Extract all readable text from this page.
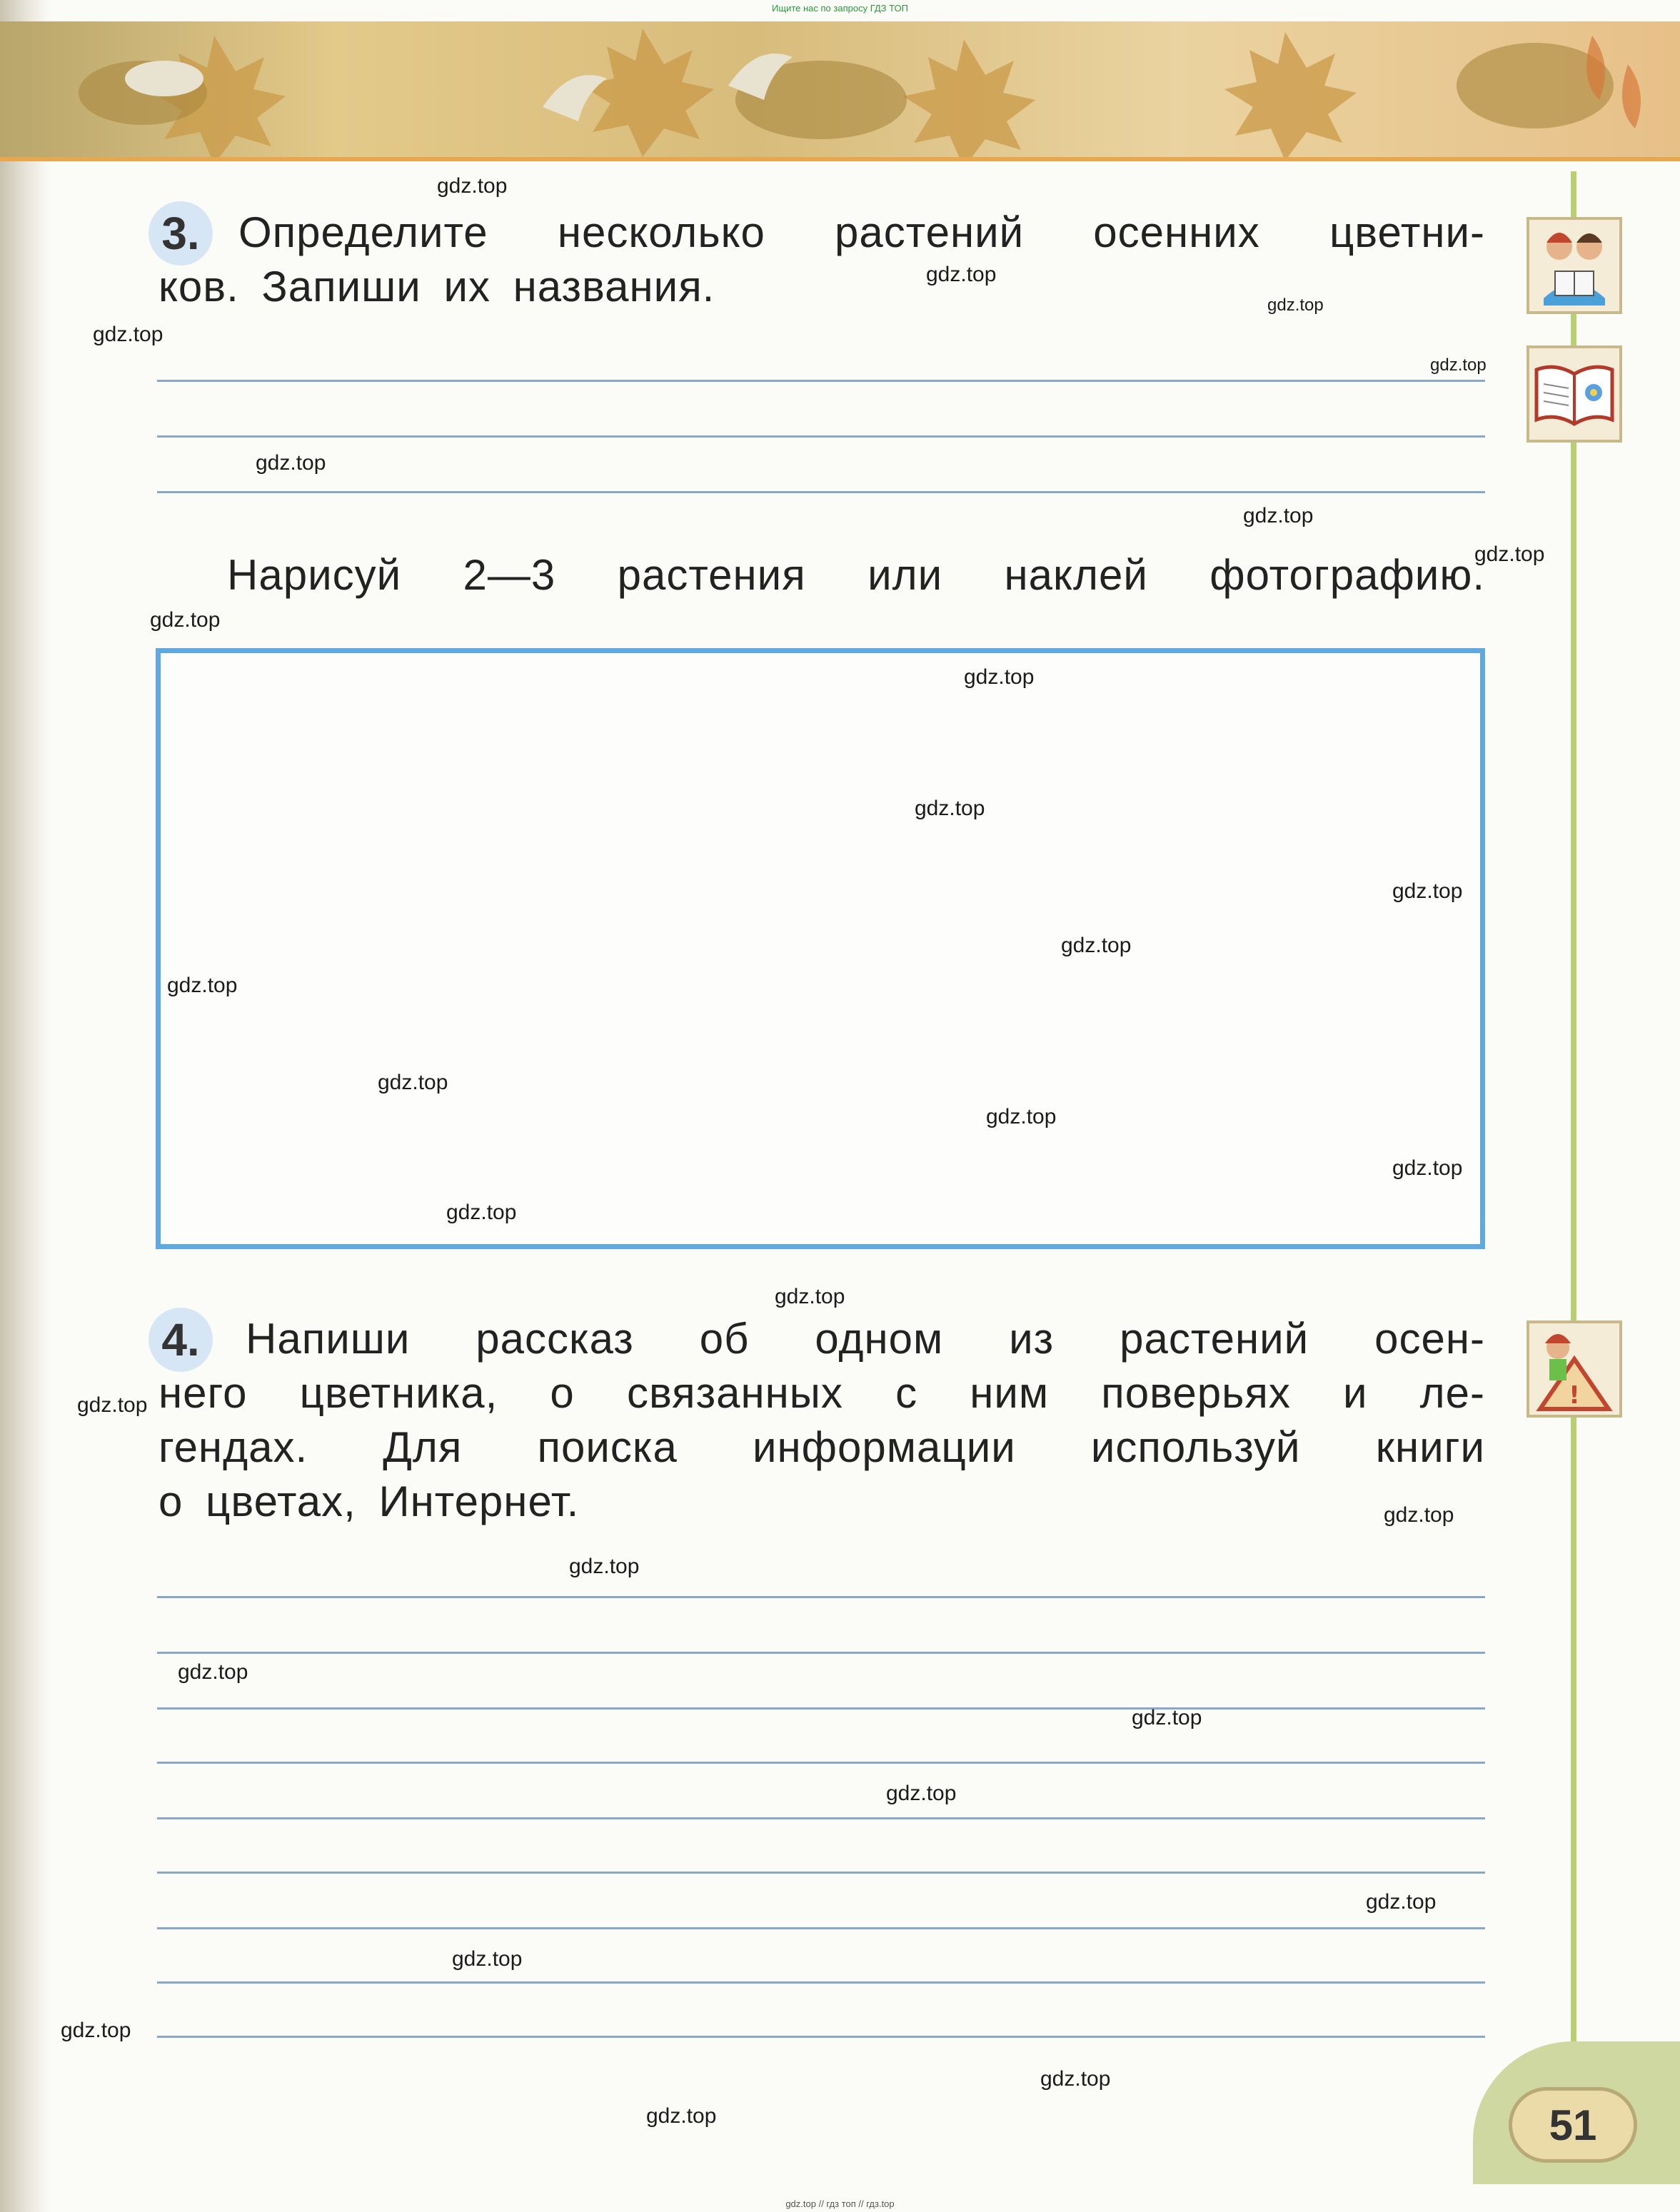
Ищите нас по запросу ГДЗ ТОП
3. Определите несколько растений осенних цветни-
ков. Запиши их названия.
Нарисуй 2—3 растения или наклей фотографию.
4.	Напиши рассказ об одном из растений осен-
него цветника, о связанных с ним поверьях и ле-
гендах. Для поиска информации используй книги
о цветах, Интернет.
!
gdz.top
gdz.top
gdz.top
gdz.top
gdz.top
gdz.top
gdz.top
gdz.top
gdz.top
gdz.top
gdz.top
gdz.top
gdz.top
gdz.top
gdz.top
gdz.top
gdz.top
gdz.top
gdz.top
gdz.top
gdz.top
gdz.top
gdz.top
gdz.top
gdz.top
gdz.top
gdz.top
gdz.top
gdz.top
gdz.top	51
gdz.top // гдз топ // гдз.top
